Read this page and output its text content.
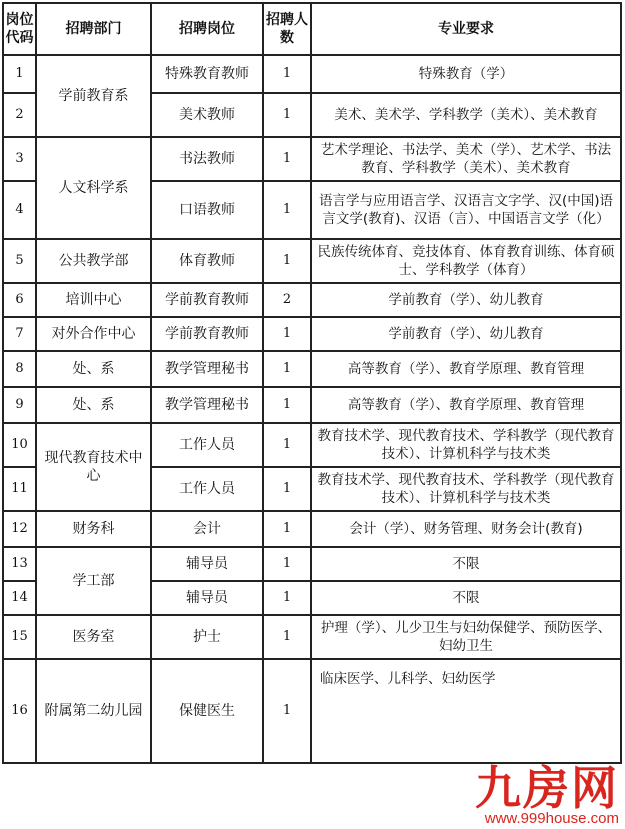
岗位代码	招聘部门	招聘岗位	招聘人数	专业要求
1	学前教育系	特殊教育教师	1	特殊教育（学）
2		美术教师	1	美术、美术学、学科教学（美术）、美术教育
3	人文科学系	书法教师	1	艺术学理论、书法学、美术（学）、艺术学、书法教育、学科教学（美术）、美术教育
4		口语教师	1	语言学与应用语言学、汉语言文字学、汉(中国)语言文学(教育)、汉语（言）、中国语言文学（化）
5	公共教学部	体育教师	1	民族传统体育、竞技体育、体育教育训练、体育硕士、学科教学（体育）
6	培训中心	学前教育教师	2	学前教育（学）、幼儿教育
7	对外合作中心	学前教育教师	1	学前教育（学）、幼儿教育
8	处、系	教学管理秘书	1	高等教育（学）、教育学原理、教育管理
9	处、系	教学管理秘书	1	高等教育（学）、教育学原理、教育管理
10	现代教育技术中心	工作人员	1	教育技术学、现代教育技术、学科教学（现代教育技术）、计算机科学与技术类
11		工作人员	1	教育技术学、现代教育技术、学科教学（现代教育技术）、计算机科学与技术类
12	财务科	会计	1	会计（学）、财务管理、财务会计(教育)
13	学工部	辅导员	1	不限
14		辅导员	1	不限
15	医务室	护士	1	护理（学）、儿少卫生与妇幼保健学、预防医学、妇幼卫生
16	附属第二幼儿园	保健医生	1	临床医学、儿科学、妇幼医学
九房网
www.999house.com
